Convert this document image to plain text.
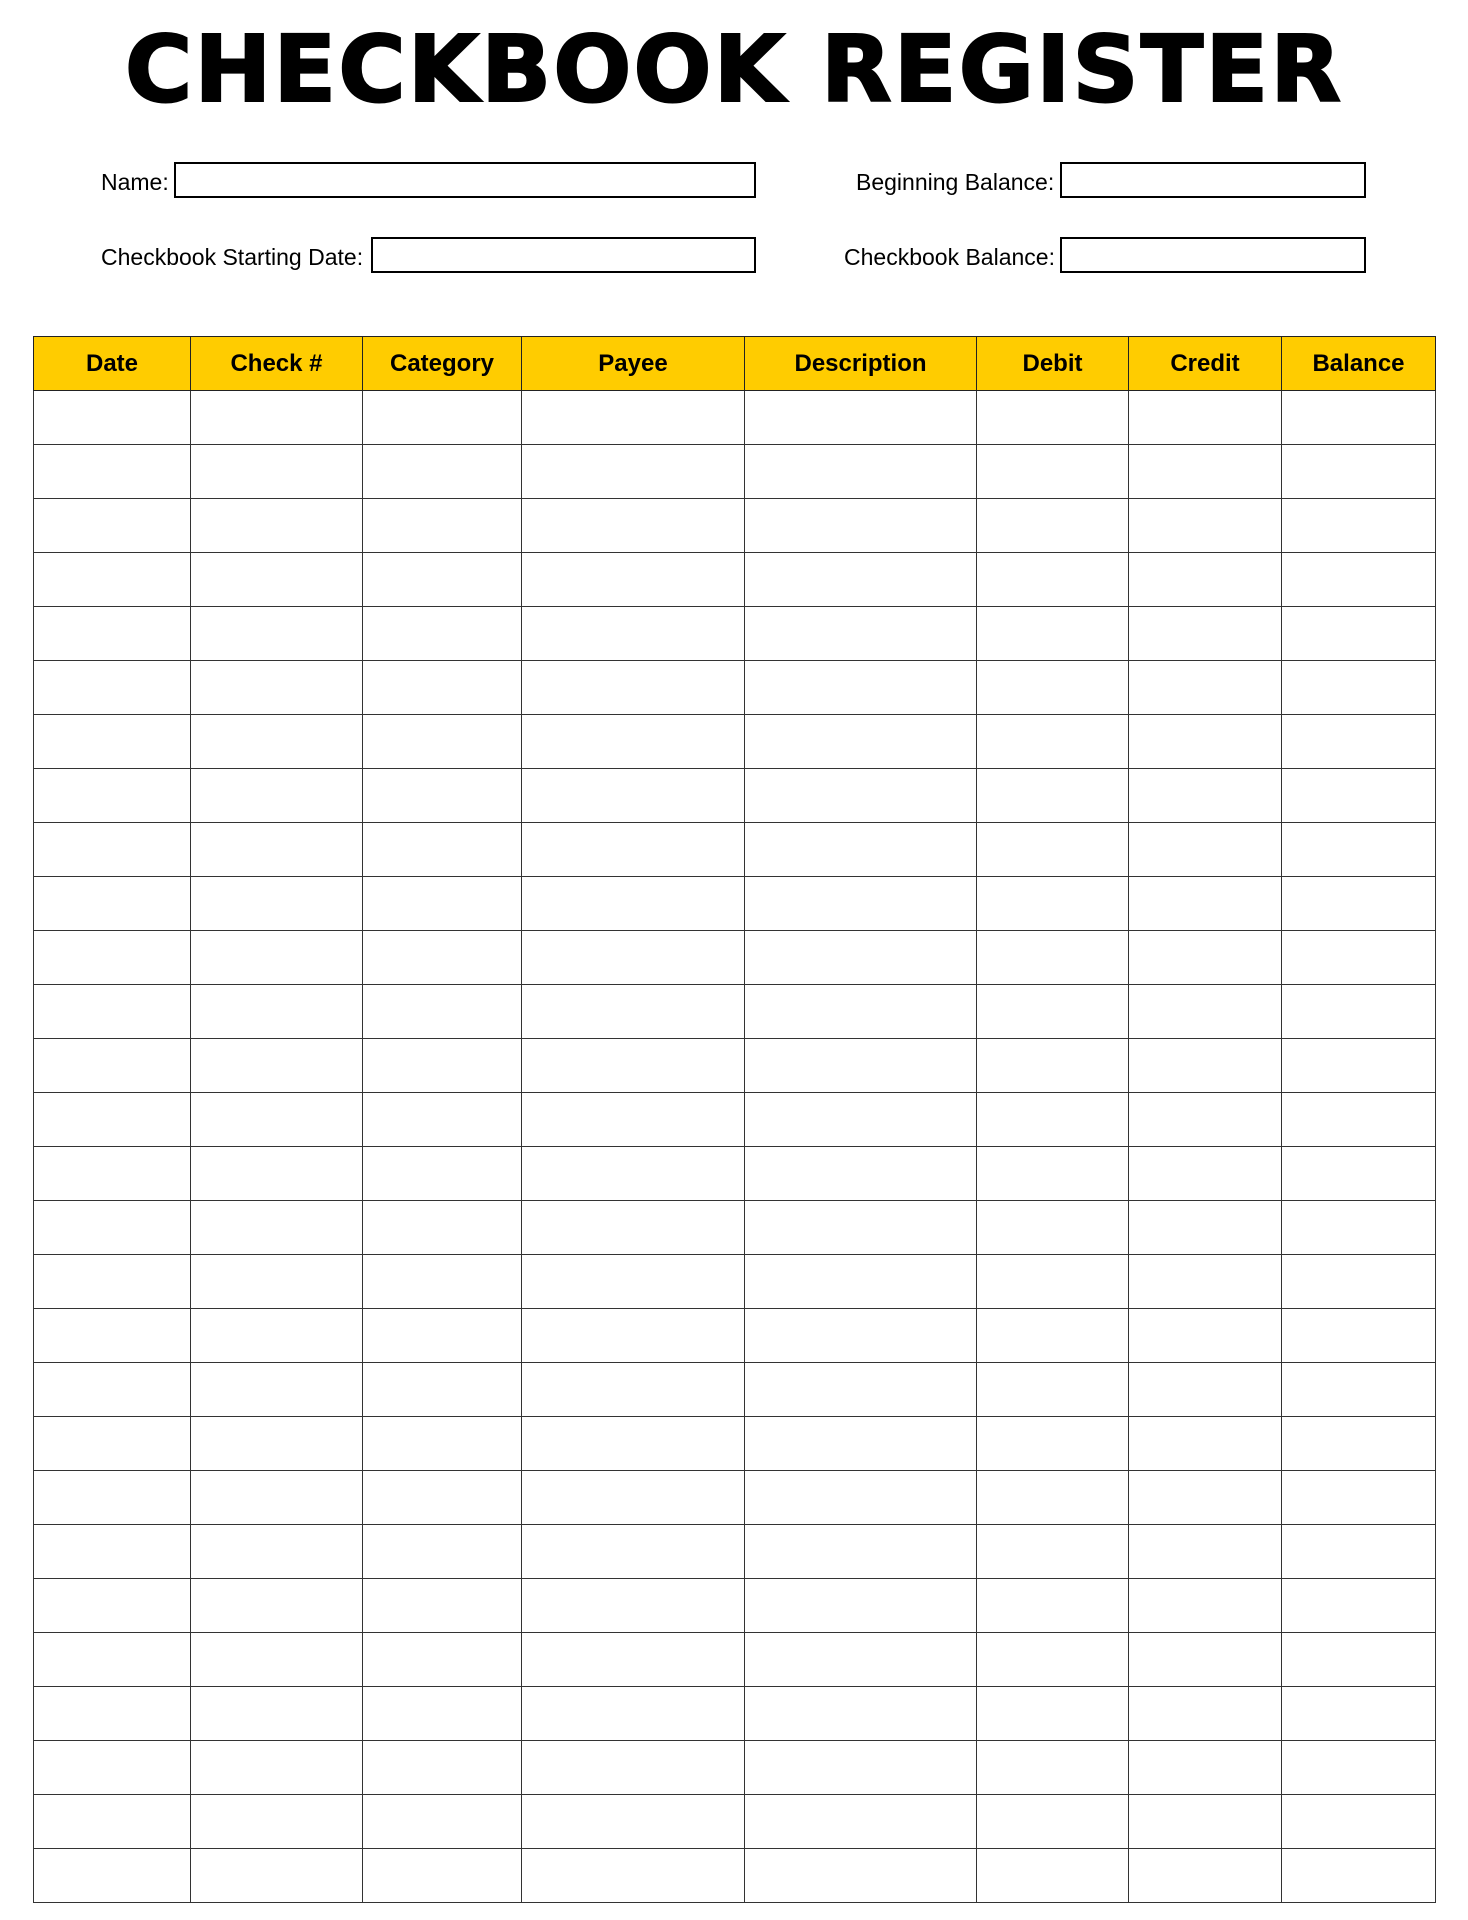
CHECKBOOK REGISTER
Name:	Beginning Balance:
Checkbook Starting Date:	Checkbook Balance:
Date	Check #	Category	Payee	Description	Debit	Credit	Balance
